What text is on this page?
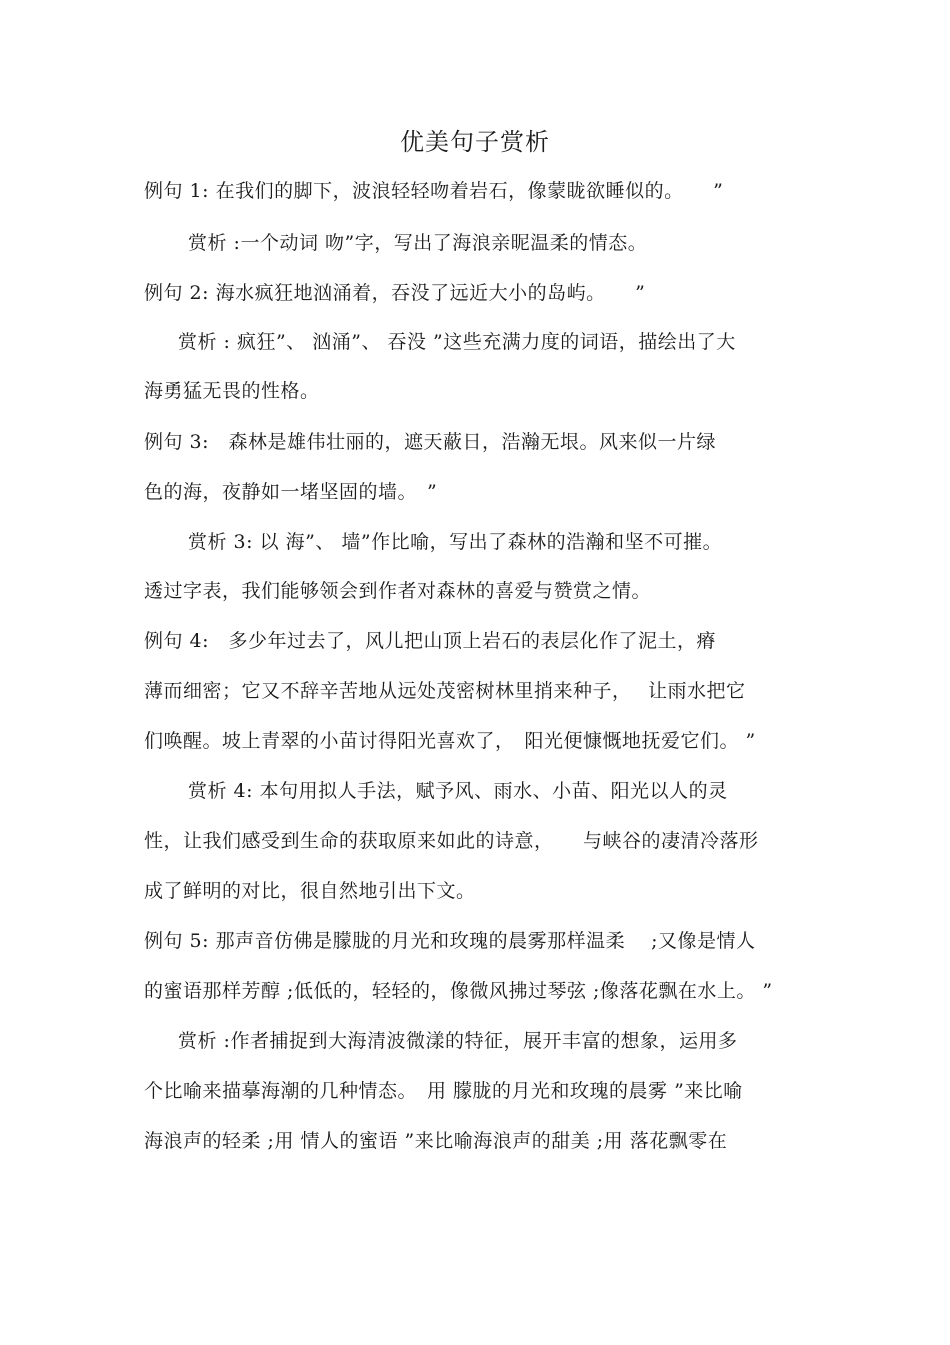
优美句子赏析
例句 1: 在我们的脚下，波浪轻轻吻着岩石，像蒙眬欲睡似的。　　”
赏析 :一个动词 吻”字，写出了海浪亲昵温柔的情态。
例句 2: 海水疯狂地汹涌着，吞没了远近大小的岛屿。　　”
赏析 : 疯狂”、 汹涌”、 吞没 ”这些充满力度的词语，描绘出了大
海勇猛无畏的性格。
例句 3:　森林是雄伟壮丽的，遮天蔽日，浩瀚无垠。风来似一片绿
色的海，夜静如一堵坚固的墙。　”
赏析 3: 以 海”、 墙”作比喻，写出了森林的浩瀚和坚不可摧。
透过字表，我们能够领会到作者对森林的喜爱与赞赏之情。
例句 4:　多少年过去了，风儿把山顶上岩石的表层化作了泥土，瘠
薄而细密；它又不辞辛苦地从远处茂密树林里捎来种子，　 让雨水把它
们唤醒。坡上青翠的小苗讨得阳光喜欢了，　阳光便慷慨地抚爱它们。 ”
赏析 4: 本句用拟人手法，赋予风、雨水、小苗、阳光以人的灵
性，让我们感受到生命的获取原来如此的诗意，　　与峡谷的凄清冷落形
成了鲜明的对比，很自然地引出下文。
例句 5: 那声音仿佛是朦胧的月光和玫瑰的晨雾那样温柔　 ;又像是情人
的蜜语那样芳醇 ;低低的，轻轻的，像微风拂过琴弦 ;像落花飘在水上。 ”
赏析 :作者捕捉到大海清波微漾的特征，展开丰富的想象，运用多
个比喻来描摹海潮的几种情态。　用 朦胧的月光和玫瑰的晨雾 ”来比喻
海浪声的轻柔 ;用 情人的蜜语 ”来比喻海浪声的甜美 ;用 落花飘零在
